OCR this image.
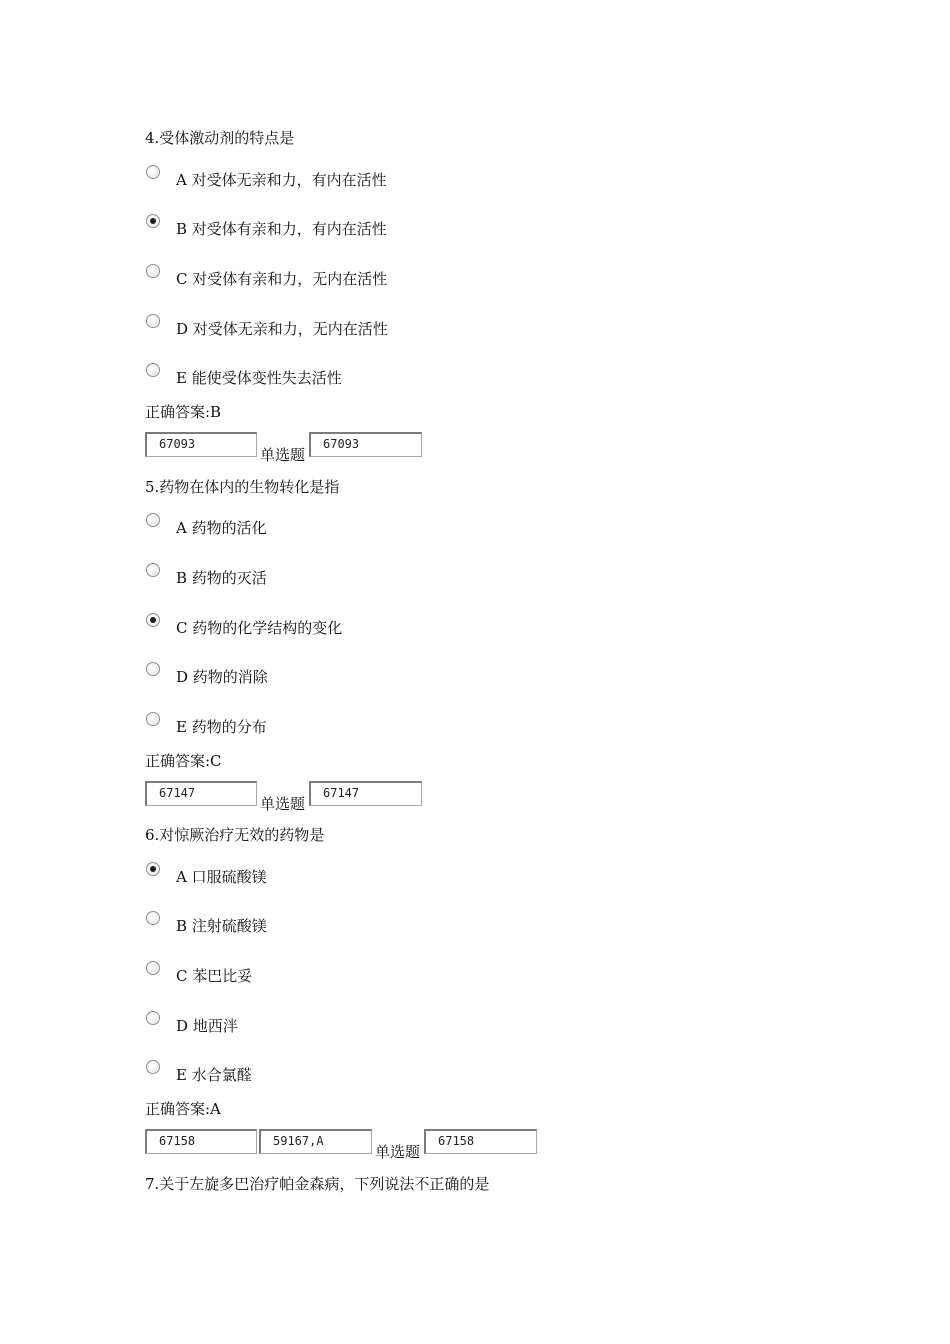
4.受体激动剂的特点是
A 对受体无亲和力，有内在活性
B 对受体有亲和力，有内在活性
C 对受体有亲和力，无内在活性
D 对受体无亲和力，无内在活性
E 能使受体变性失去活性
正确答案:B
67093
单选题
67093
5.药物在体内的生物转化是指
A 药物的活化
B 药物的灭活
C 药物的化学结构的变化
D 药物的消除
E 药物的分布
正确答案:C
67147
单选题
67147
6.对惊厥治疗无效的药物是
A 口服硫酸镁
B 注射硫酸镁
C 苯巴比妥
D 地西泮
E 水合氯醛
正确答案:A
67158	59167,A
单选题
67158
7.关于左旋多巴治疗帕金森病，下列说法不正确的是
